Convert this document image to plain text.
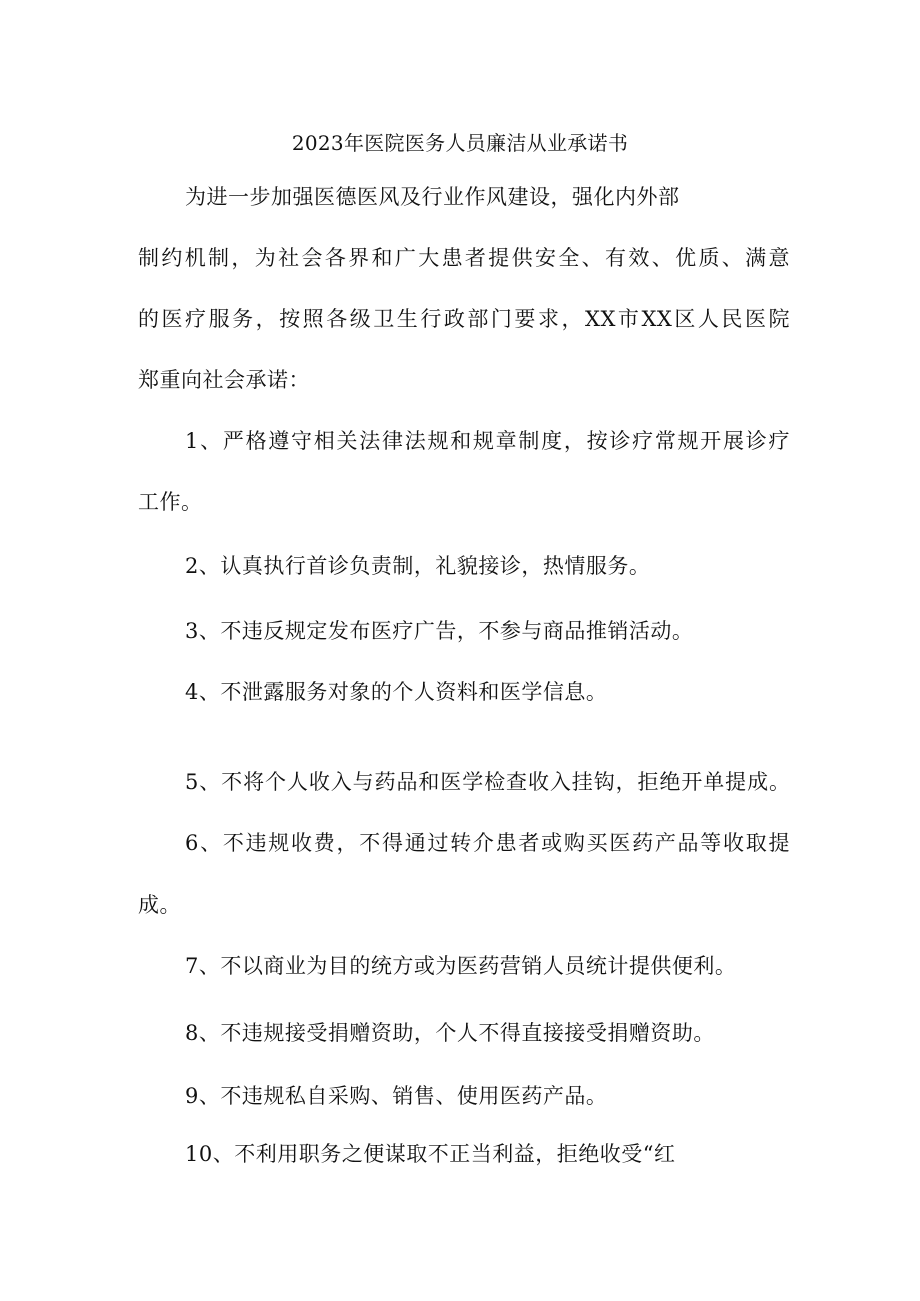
2023年医院医务人员廉洁从业承诺书
为进一步加强医德医风及行业作风建设，强化内外部
制约机制，为社会各界和广大患者提供安全、有效、优质、满意
的医疗服务，按照各级卫生行政部门要求，XX市XX区人民医院
郑重向社会承诺：
1、严格遵守相关法律法规和规章制度，按诊疗常规开展诊疗
工作。
2、认真执行首诊负责制，礼貌接诊，热情服务。
3、不违反规定发布医疗广告，不参与商品推销活动。
4、不泄露服务对象的个人资料和医学信息。
5、不将个人收入与药品和医学检查收入挂钩，拒绝开单提成。
6、不违规收费，不得通过转介患者或购买医药产品等收取提
成。
7、不以商业为目的统方或为医药营销人员统计提供便利。
8、不违规接受捐赠资助，个人不得直接接受捐赠资助。
9、不违规私自采购、销售、使用医药产品。
10、不利用职务之便谋取不正当利益，拒绝收受“红
